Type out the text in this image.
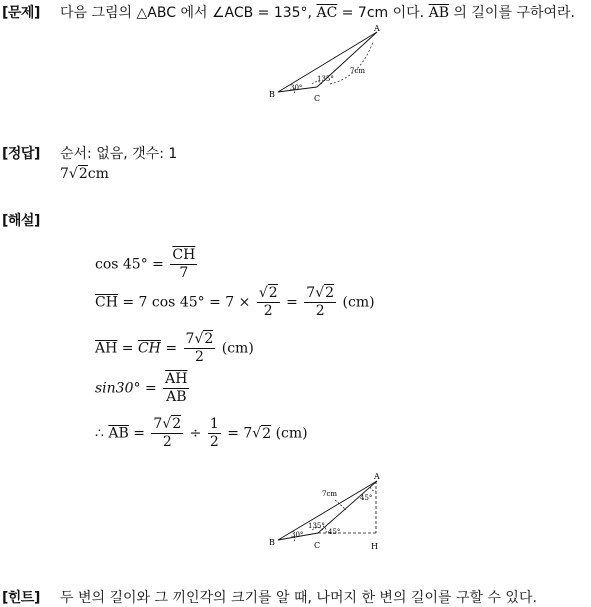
[문제] 다음 그림의 △ABC 에서 ∠ACB = 135°, $\overline{AC} = 7cm$ 이다. $\overline{AB}$ 의 길이를 구하여라.
A
B	C
30°
135°
7cm
[정답] 순서: 없음, 갯수: 1
7√2cm
[해설]
$\cos 45^\circ = \frac{\overline{CH}}{7}$
$\overline{CH} = 7$ $\cos 45^\circ = 7 \times \frac{√2}{2} = \frac{7√2}{2} (cm)$
$\overline{AH} = \overline{CH} = \frac{7√2}{2} (cm)$
$\sin 30^\circ = \frac{\overline{AH}}{AB}$
∴ $\overline{AB} = \frac{7√2}{2} \div \frac{1}{2} = 7√2$ (cm)
A
B	C	H
30°
135°
45°
45°
7cm
[힌트] 두 변의 길이와 그 끼인각의 크기를 알 때, 나머지 한 변의 길이를 구할 수 있다.
